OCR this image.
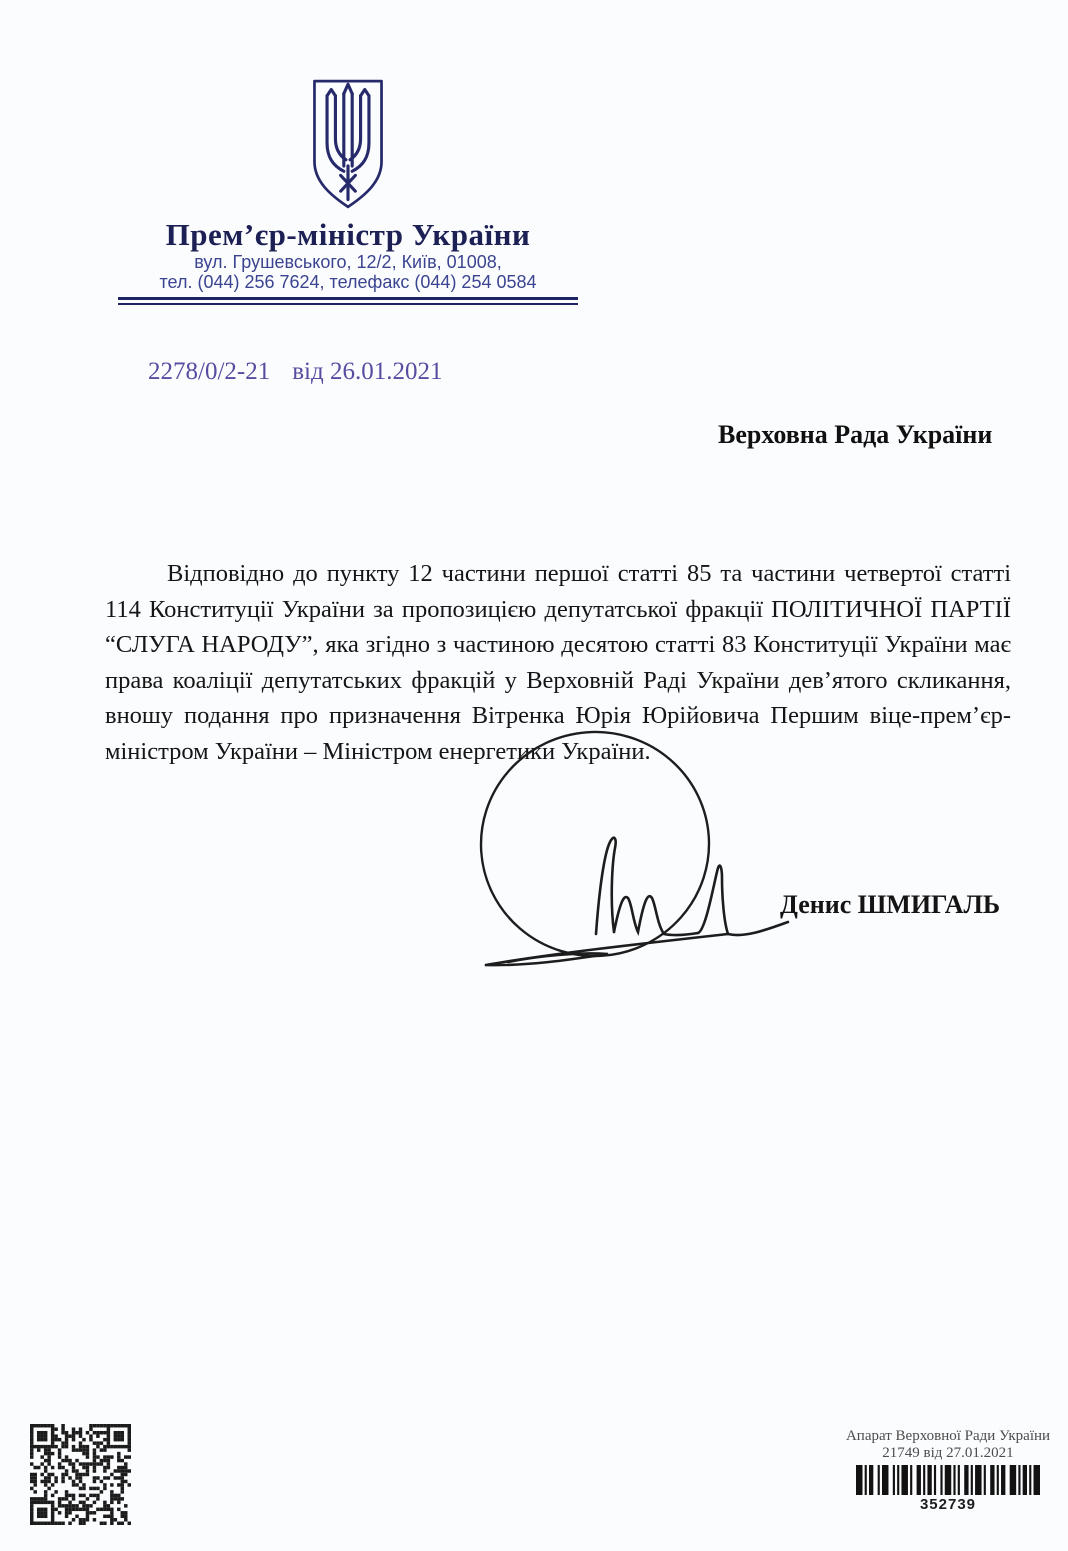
Прем’єр-міністр України
вул. Грушевського, 12/2, Київ, 01008,
тел. (044) 256 7624, телефакс (044) 254 0584
2278/0/2-21 від 26.01.2021
Верховна Рада України

Відповідно до пункту 12 частини першої статті 85 та частини четвертої статті 114 Конституції України за пропозицією депутатської фракції ПОЛІТИЧНОЇ ПАРТІЇ “СЛУГА НАРОДУ”, яка згідно з частиною десятою статті 83 Конституції України має права коаліції депутатських фракцій у Верховній Раді України дев’ятого скликання, вношу подання про призначення Вітренка Юрія Юрійовича Першим віце-прем’єр-міністром України – Міністром енергетики України.

Денис ШМИГАЛЬ
Апарат Верховної Ради України
21749 від 27.01.2021
352739
